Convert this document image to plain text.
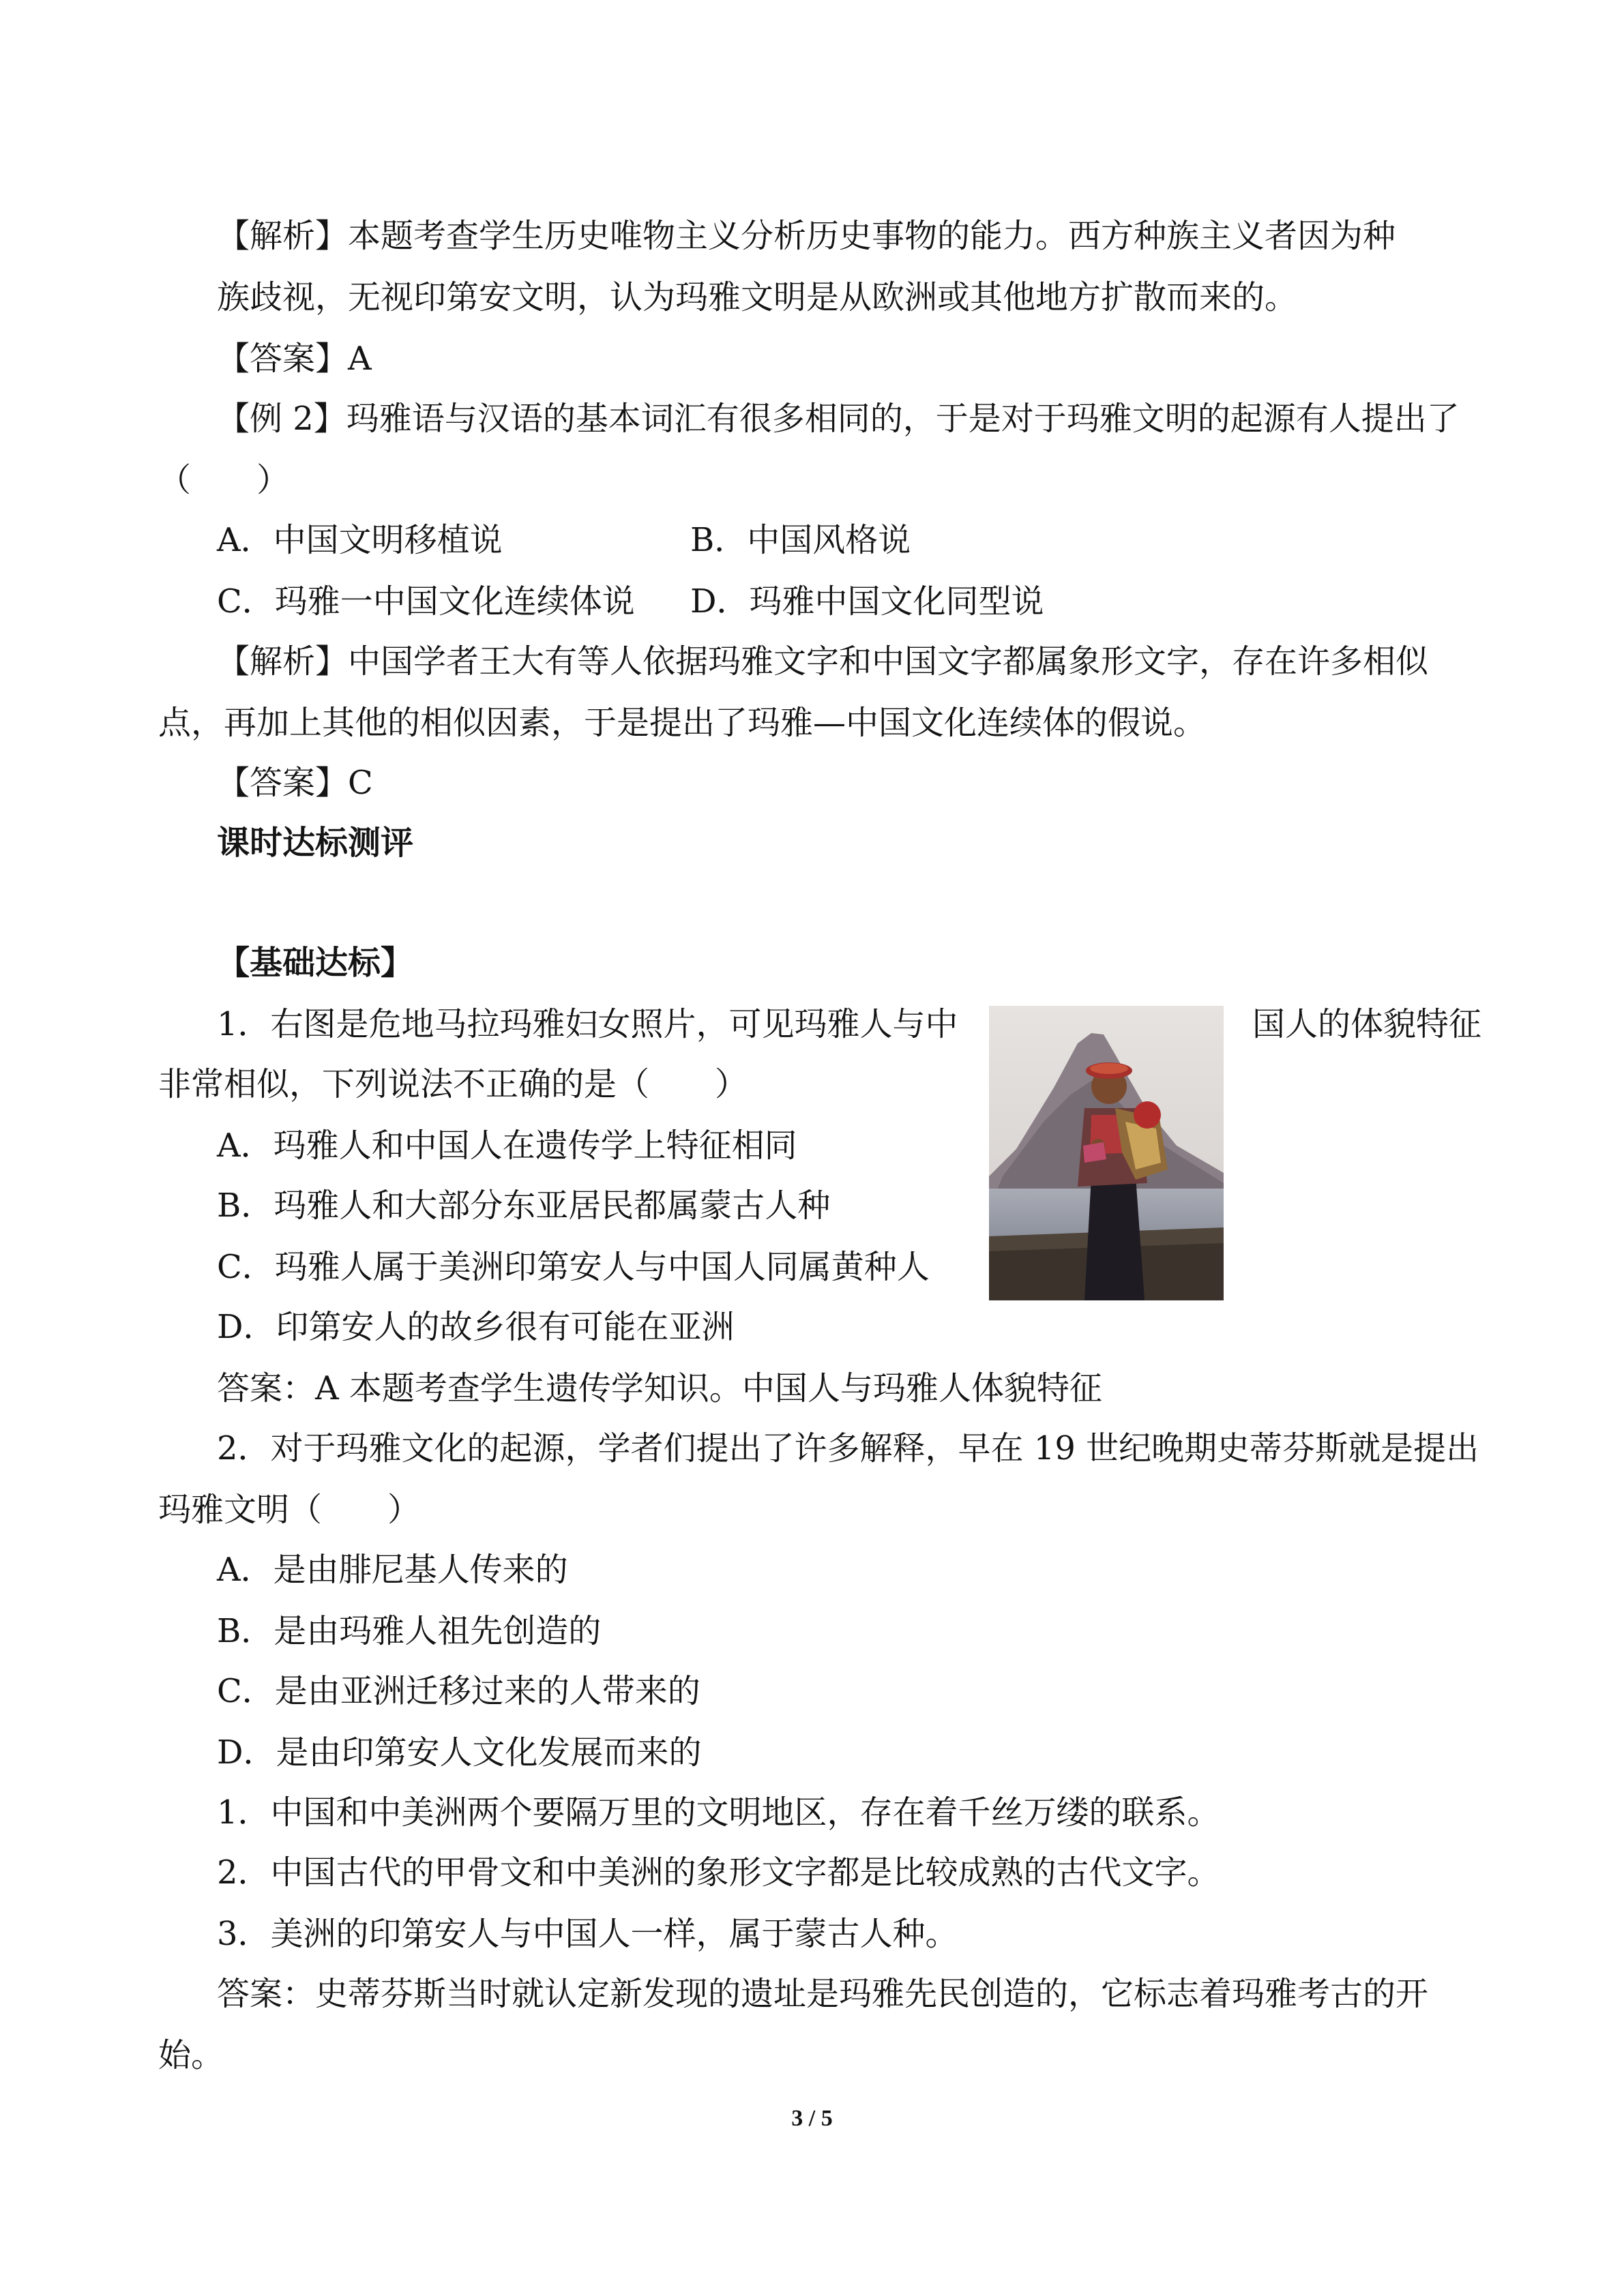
【解析】本题考查学生历史唯物主义分析历史事物的能力。西方种族主义者因为种
族歧视，无视印第安文明，认为玛雅文明是从欧洲或其他地方扩散而来的。
【答案】A
【例 2】玛雅语与汉语的基本词汇有很多相同的，于是对于玛雅文明的起源有人提出了
（　　）
A．中国文明移植说	B．中国风格说
C．玛雅一中国文化连续体说 D．玛雅中国文化同型说
【解析】中国学者王大有等人依据玛雅文字和中国文字都属象形文字，存在许多相似
点，再加上其他的相似因素，于是提出了玛雅—中国文化连续体的假说。
【答案】C
课时达标测评
【基础达标】
1．右图是危地马拉玛雅妇女照片，可见玛雅人与中	国人的体貌特征
非常相似，下列说法不正确的是（　　）
A．玛雅人和中国人在遗传学上特征相同
B．玛雅人和大部分东亚居民都属蒙古人种
C．玛雅人属于美洲印第安人与中国人同属黄种人
D．印第安人的故乡很有可能在亚洲
答案：A 本题考查学生遗传学知识。中国人与玛雅人体貌特征
2．对于玛雅文化的起源，学者们提出了许多解释，早在 19 世纪晚期史蒂芬斯就是提出
玛雅文明（　　）
A．是由腓尼基人传来的
B．是由玛雅人祖先创造的
C．是由亚洲迁移过来的人带来的
D．是由印第安人文化发展而来的
1．中国和中美洲两个要隔万里的文明地区，存在着千丝万缕的联系。
2．中国古代的甲骨文和中美洲的象形文字都是比较成熟的古代文字。
3．美洲的印第安人与中国人一样，属于蒙古人种。
答案：史蒂芬斯当时就认定新发现的遗址是玛雅先民创造的，它标志着玛雅考古的开
始。
3 / 5
